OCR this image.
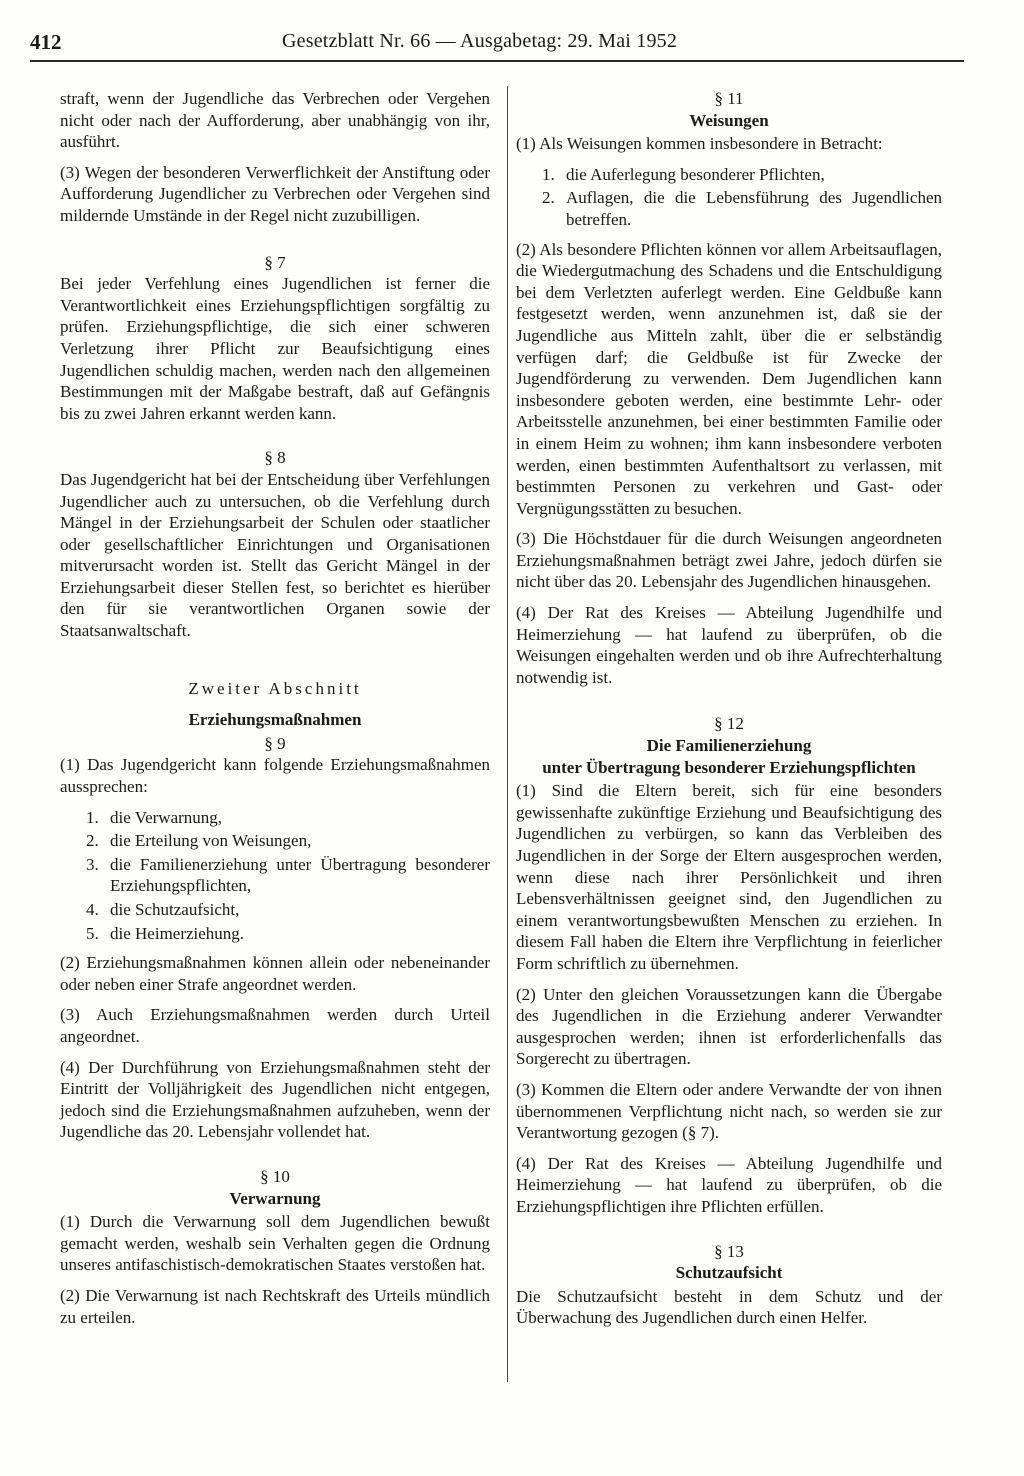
412	Gesetzblatt Nr. 66 — Ausgabetag: 29. Mai 1952

straft, wenn der Jugendliche das Verbrechen oder Vergehen nicht oder nach der Aufforderung, aber unabhängig von ihr, ausführt.

(3) Wegen der besonderen Verwerflichkeit der Anstiftung oder Aufforderung Jugendlicher zu Verbrechen oder Vergehen sind mildernde Umstände in der Regel nicht zuzubilligen.

§ 7

Bei jeder Verfehlung eines Jugendlichen ist ferner die Verantwortlichkeit eines Erziehungspflichtigen sorgfältig zu prüfen. Erziehungspflichtige, die sich einer schweren Verletzung ihrer Pflicht zur Beaufsichtigung eines Jugendlichen schuldig machen, werden nach den allgemeinen Bestimmungen mit der Maßgabe bestraft, daß auf Gefängnis bis zu zwei Jahren erkannt werden kann.

§ 8

Das Jugendgericht hat bei der Entscheidung über Verfehlungen Jugendlicher auch zu untersuchen, ob die Verfehlung durch Mängel in der Erziehungsarbeit der Schulen oder staatlicher oder gesellschaftlicher Einrichtungen und Organisationen mitverursacht worden ist. Stellt das Gericht Mängel in der Erziehungsarbeit dieser Stellen fest, so berichtet es hierüber den für sie verantwortlichen Organen sowie der Staatsanwaltschaft.

Zweiter Abschnitt
Erziehungsmaßnahmen
§ 9

(1) Das Jugendgericht kann folgende Erziehungsmaßnahmen aussprechen:

1. die Verwarnung,
2. die Erteilung von Weisungen,
3. die Familienerziehung unter Übertragung besonderer Erziehungspflichten,
4. die Schutzaufsicht,
5. die Heimerziehung.

(2) Erziehungsmaßnahmen können allein oder nebeneinander oder neben einer Strafe angeordnet werden.

(3) Auch Erziehungsmaßnahmen werden durch Urteil angeordnet.

(4) Der Durchführung von Erziehungsmaßnahmen steht der Eintritt der Volljährigkeit des Jugendlichen nicht entgegen, jedoch sind die Erziehungsmaßnahmen aufzuheben, wenn der Jugendliche das 20. Lebensjahr vollendet hat.

§ 10
Verwarnung

(1) Durch die Verwarnung soll dem Jugendlichen bewußt gemacht werden, weshalb sein Verhalten gegen die Ordnung unseres antifaschistisch-demokratischen Staates verstoßen hat.

(2) Die Verwarnung ist nach Rechtskraft des Urteils mündlich zu erteilen.

§ 11
Weisungen

(1) Als Weisungen kommen insbesondere in Betracht:

1. die Auferlegung besonderer Pflichten,
2. Auflagen, die die Lebensführung des Jugendlichen betreffen.

(2) Als besondere Pflichten können vor allem Arbeitsauflagen, die Wiedergutmachung des Schadens und die Entschuldigung bei dem Verletzten auferlegt werden. Eine Geldbuße kann festgesetzt werden, wenn anzunehmen ist, daß sie der Jugendliche aus Mitteln zahlt, über die er selbständig verfügen darf; die Geldbuße ist für Zwecke der Jugendförderung zu verwenden. Dem Jugendlichen kann insbesondere geboten werden, eine bestimmte Lehr- oder Arbeitsstelle anzunehmen, bei einer bestimmten Familie oder in einem Heim zu wohnen; ihm kann insbesondere verboten werden, einen bestimmten Aufenthaltsort zu verlassen, mit bestimmten Personen zu verkehren und Gast- oder Vergnügungsstätten zu besuchen.

(3) Die Höchstdauer für die durch Weisungen angeordneten Erziehungsmaßnahmen beträgt zwei Jahre, jedoch dürfen sie nicht über das 20. Lebensjahr des Jugendlichen hinausgehen.

(4) Der Rat des Kreises — Abteilung Jugendhilfe und Heimerziehung — hat laufend zu überprüfen, ob die Weisungen eingehalten werden und ob ihre Aufrechterhaltung notwendig ist.

§ 12
Die Familienerziehung
unter Übertragung besonderer Erziehungspflichten

(1) Sind die Eltern bereit, sich für eine besonders gewissenhafte zukünftige Erziehung und Beaufsichtigung des Jugendlichen zu verbürgen, so kann das Verbleiben des Jugendlichen in der Sorge der Eltern ausgesprochen werden, wenn diese nach ihrer Persönlichkeit und ihren Lebensverhältnissen geeignet sind, den Jugendlichen zu einem verantwortungsbewußten Menschen zu erziehen. In diesem Fall haben die Eltern ihre Verpflichtung in feierlicher Form schriftlich zu übernehmen.

(2) Unter den gleichen Voraussetzungen kann die Übergabe des Jugendlichen in die Erziehung anderer Verwandter ausgesprochen werden; ihnen ist erforderlichenfalls das Sorgerecht zu übertragen.

(3) Kommen die Eltern oder andere Verwandte der von ihnen übernommenen Verpflichtung nicht nach, so werden sie zur Verantwortung gezogen (§ 7).

(4) Der Rat des Kreises — Abteilung Jugendhilfe und Heimerziehung — hat laufend zu überprüfen, ob die Erziehungspflichtigen ihre Pflichten erfüllen.

§ 13
Schutzaufsicht

Die Schutzaufsicht besteht in dem Schutz und der Überwachung des Jugendlichen durch einen Helfer.
